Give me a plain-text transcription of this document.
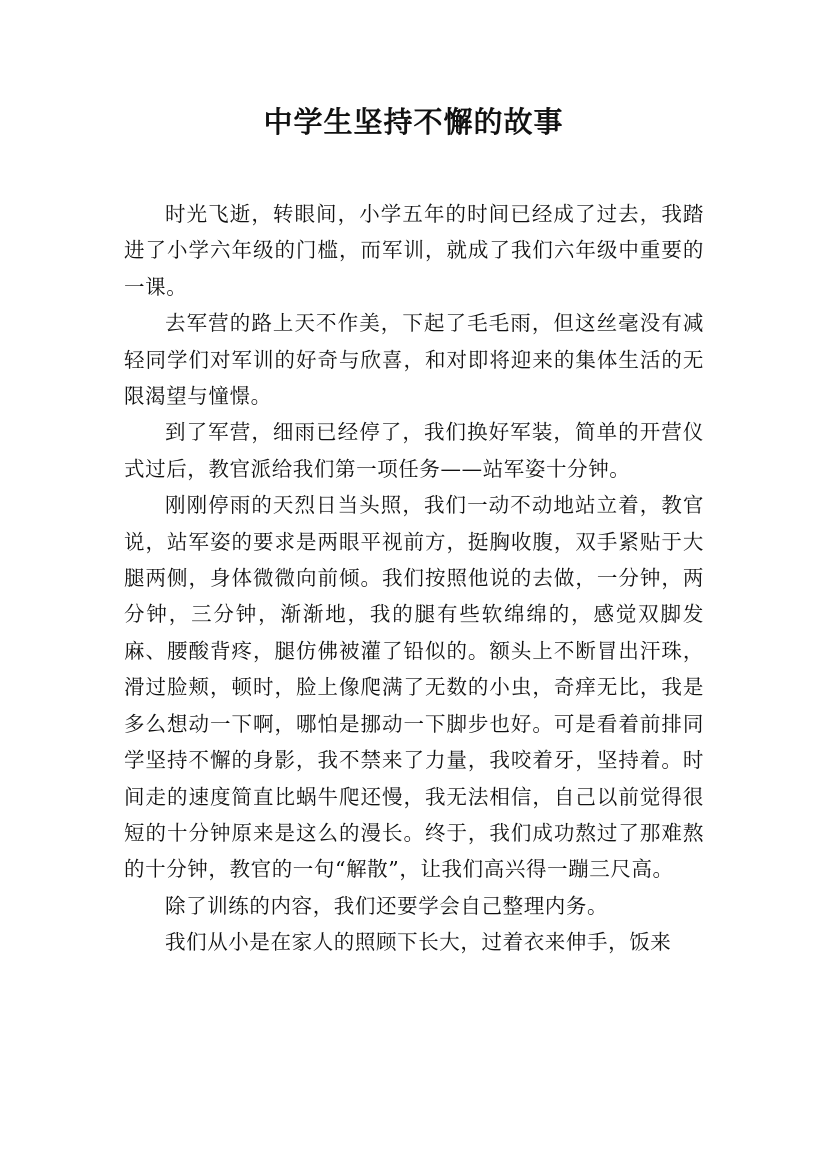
中学生坚持不懈的故事

时光飞逝，转眼间，小学五年的时间已经成了过去，我踏进了小学六年级的门槛，而军训，就成了我们六年级中重要的一课。

去军营的路上天不作美，下起了毛毛雨，但这丝毫没有减轻同学们对军训的好奇与欣喜，和对即将迎来的集体生活的无限渴望与憧憬。

到了军营，细雨已经停了，我们换好军装，简单的开营仪式过后，教官派给我们第一项任务——站军姿十分钟。

刚刚停雨的天烈日当头照，我们一动不动地站立着，教官说，站军姿的要求是两眼平视前方，挺胸收腹，双手紧贴于大腿两侧，身体微微向前倾。我们按照他说的去做，一分钟，两分钟，三分钟，渐渐地，我的腿有些软绵绵的，感觉双脚发麻、腰酸背疼，腿仿佛被灌了铅似的。额头上不断冒出汗珠，滑过脸颊，顿时，脸上像爬满了无数的小虫，奇痒无比，我是多么想动一下啊，哪怕是挪动一下脚步也好。可是看着前排同学坚持不懈的身影，我不禁来了力量，我咬着牙，坚持着。时间走的速度简直比蜗牛爬还慢，我无法相信，自己以前觉得很短的十分钟原来是这么的漫长。终于，我们成功熬过了那难熬的十分钟，教官的一句“解散”，让我们高兴得一蹦三尺高。

除了训练的内容，我们还要学会自己整理内务。

我们从小是在家人的照顾下长大，过着衣来伸手，饭来
